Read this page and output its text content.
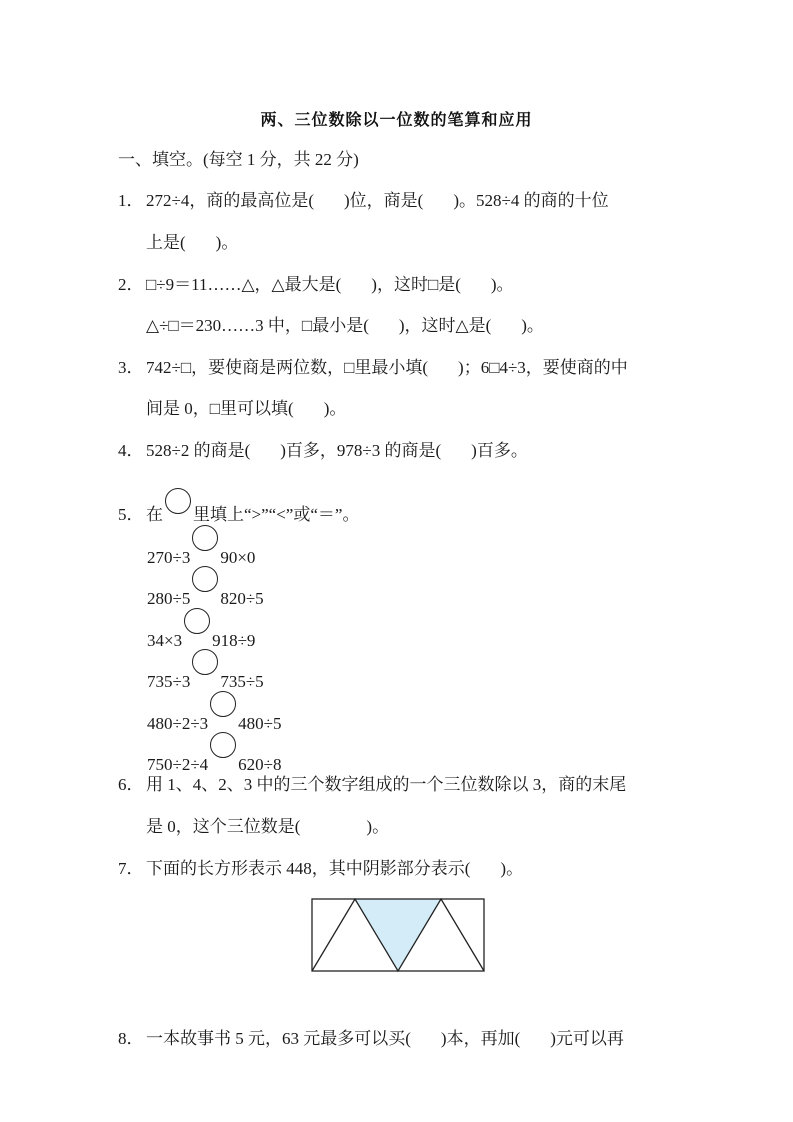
两、三位数除以一位数的笔算和应用
一、填空。(每空 1 分，共 22 分)
1． 272÷4，商的最高位是( )位，商是( )。528÷4 的商的十位
上是( )。
2． □÷9＝11……△，△最大是( )，这时□是( )。
△÷□＝230……3 中，□最小是( )，这时△是( )。
3． 742÷□，要使商是两位数，□里最小填( )；6□4÷3，要使商的中
间是 0，□里可以填( )。
4． 528÷2 的商是( )百多，978÷3 的商是( )百多。
5． 在 里填上“>”“<”或“＝”。
270÷3 90×0
280÷5 820÷5
34×3 918÷9
735÷3 735÷5
480÷2÷3 480÷5
750÷2÷4 620÷8
6． 用 1、4、2、3 中的三个数字组成的一个三位数除以 3，商的末尾
是 0，这个三位数是(	)。
7． 下面的长方形表示 448，其中阴影部分表示( )。
8． 一本故事书 5 元，63 元最多可以买( )本，再加( )元可以再
